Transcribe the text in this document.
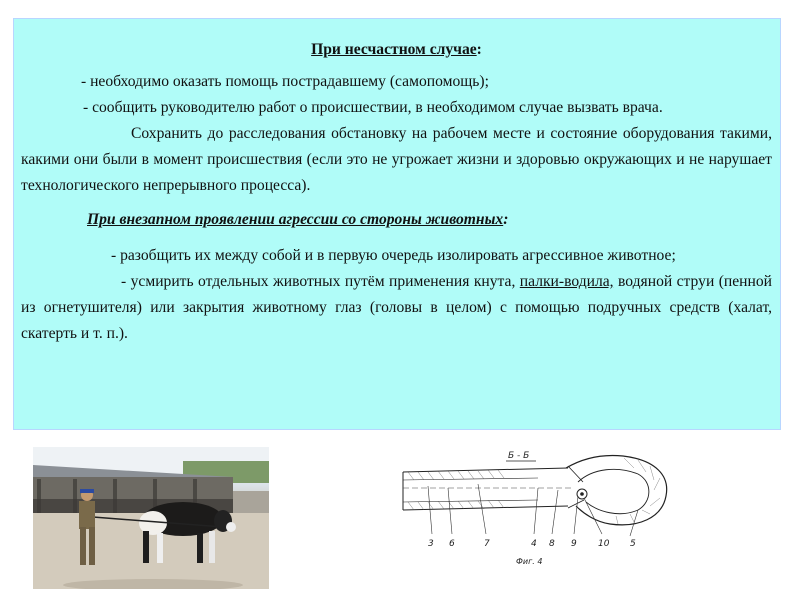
При несчастном случае:

- необходимо оказать помощь пострадавшему (самопомощь);

- сообщить руководителю работ о происшествии, в необходимом случае вызвать врача.

Сохранить до расследования обстановку на рабочем месте и состояние оборудования такими, какими они были в момент происшествия (если это не угрожает жизни и здоровью окружающих и не нарушает технологического непрерывного процесса).

При внезапном проявлении агрессии со стороны животных:

- разобщить их между собой и в первую очередь изолировать агрессивное животное;

- усмирить отдельных животных путём применения кнута, палки-водила, водяной струи (пенной из огнетушителя) или закрытия животному глаз (головы в целом) с помощью подручных средств (халат, скатерть и т. п.).

Б - Б
3 6	7	4 8 9 10 5
Фиг. 4
